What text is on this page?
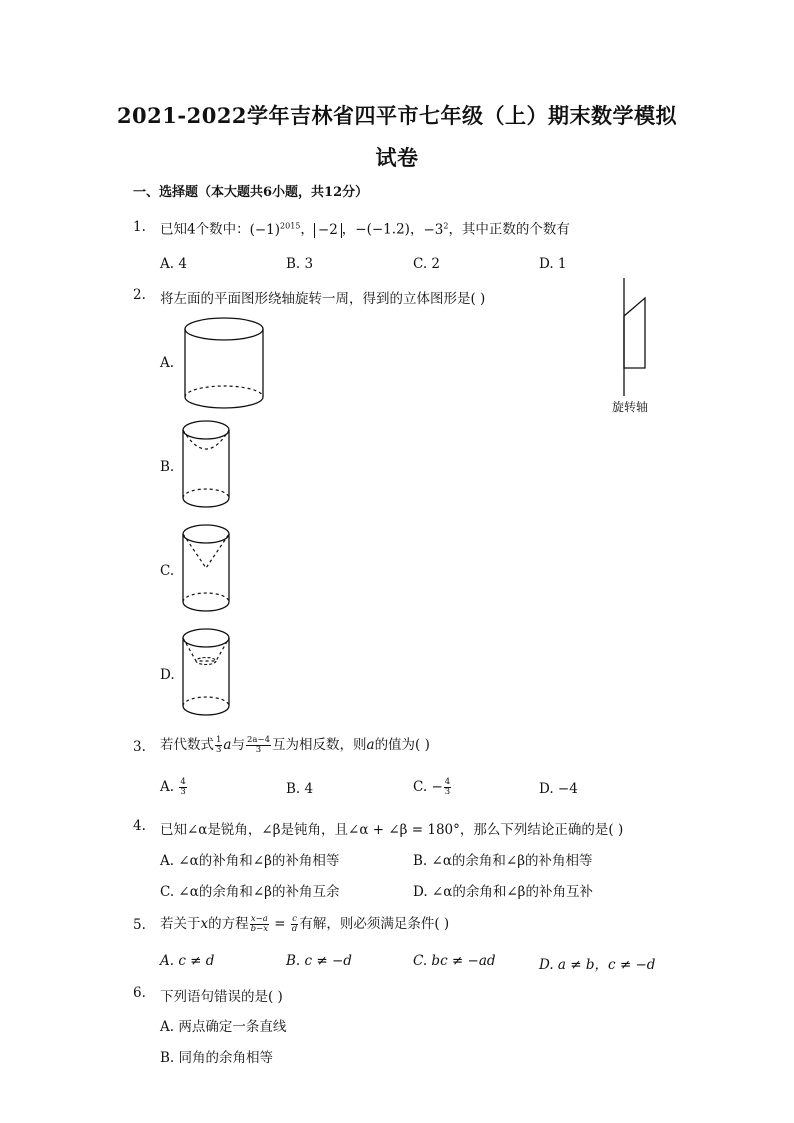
2021-2022学年吉林省四平市七年级（上）期末数学模拟
试卷
一、选择题（本大题共6小题，共12分）
1. 已知4个数中：$(-1)^{2015}$， −2 ，−(−1.2)，$-3^2$，其中正数的个数有
A. 4	B. 3	C. 2	D. 1
2. 将左面的平面图形绕轴旋转一周，得到的立体图形是( )
旋转轴
A.
B.
C.
D.
3. 若代数式 $\frac{1}{3}$ a与 $\frac{2a-4}{3}$ 互为相反数，则a的值为( )
A. $\frac{4}{3}$	B. 4	C. − $\frac{4}{3}$	D. −4
4. 已知∠α是锐角，∠β是钝角，且∠α + ∠β = 180°，那么下列结论正确的是( )
A. ∠α的补角和∠β的补角相等	B. ∠α的余角和∠β的补角相等
C. ∠α的余角和∠β的补角互余	D. ∠α的余角和∠β的补角互补
5. 若关于x的方程 $\frac{x-a}{b-x} = \frac{c}{d}$ 有解，则必须满足条件( )
A. c ≠ d	B. c ≠ −d	C. bc ≠ −ad	D. a ≠ b，c ≠ −d
6. 下列语句错误的是( )
A. 两点确定一条直线
B. 同角的余角相等
